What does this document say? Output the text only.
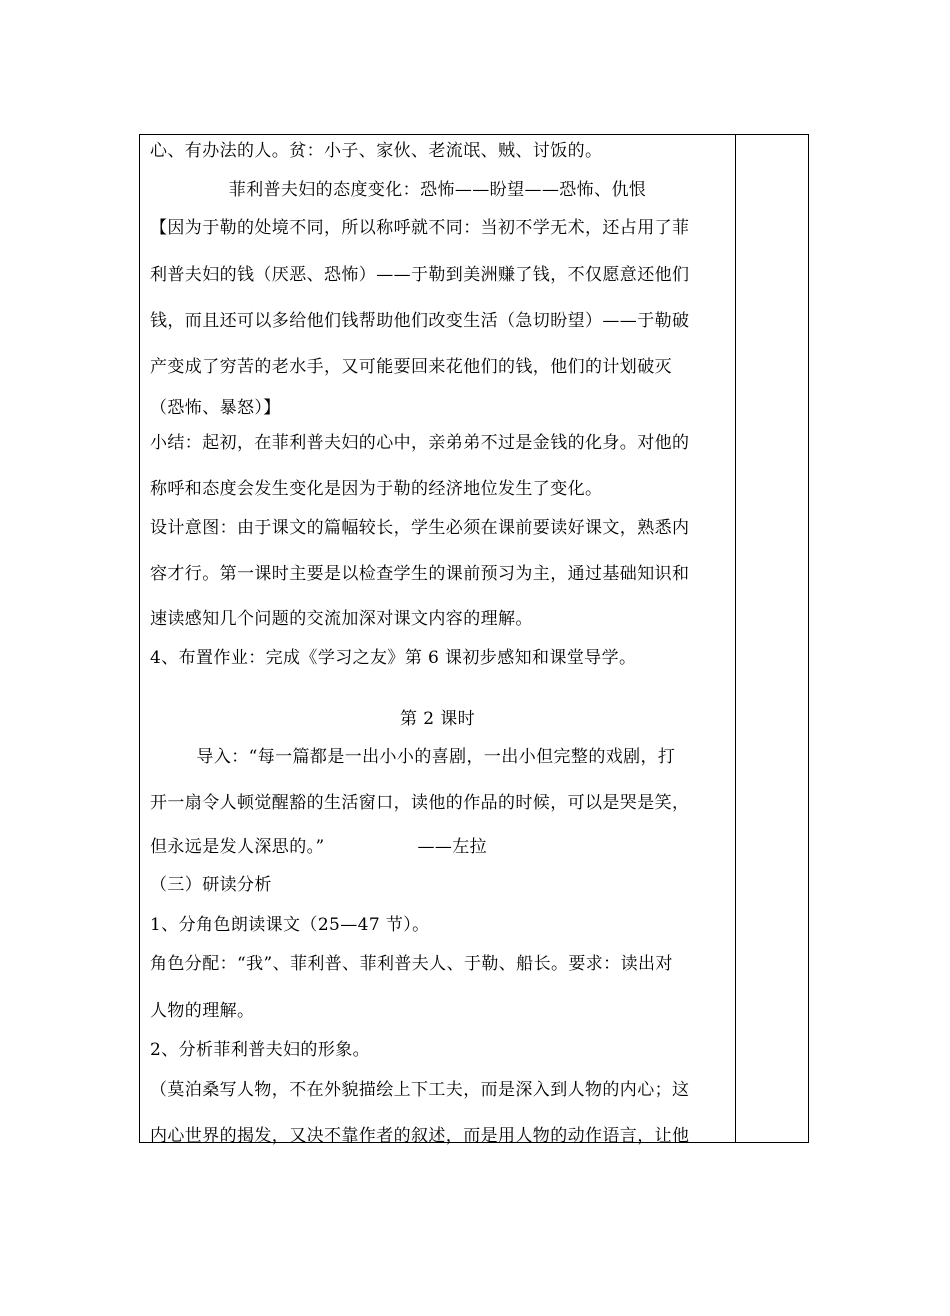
心、有办法的人。贫：小子、家伙、老流氓、贼、讨饭的。
菲利普夫妇的态度变化：恐怖——盼望——恐怖、仇恨
【因为于勒的处境不同，所以称呼就不同：当初不学无术，还占用了菲
利普夫妇的钱（厌恶、恐怖）——于勒到美洲赚了钱，不仅愿意还他们
钱，而且还可以多给他们钱帮助他们改变生活（急切盼望）——于勒破
产变成了穷苦的老水手，又可能要回来花他们的钱，他们的计划破灭
（恐怖、暴怒）】
小结：起初，在菲利普夫妇的心中，亲弟弟不过是金钱的化身。对他的
称呼和态度会发生变化是因为于勒的经济地位发生了变化。
设计意图：由于课文的篇幅较长，学生必须在课前要读好课文，熟悉内
容才行。第一课时主要是以检查学生的课前预习为主，通过基础知识和
速读感知几个问题的交流加深对课文内容的理解。
4、布置作业：完成《学习之友》第 6 课初步感知和课堂导学。
第 2 课时
导入：“每一篇都是一出小小的喜剧，一出小但完整的戏剧，打
开一扇令人顿觉醒豁的生活窗口，读他的作品的时候，可以是哭是笑，
但永远是发人深思的。”                ——左拉
（三）研读分析
1、分角色朗读课文（25—47 节）。
角色分配：“我”、菲利普、菲利普夫人、于勒、船长。要求：读出对
人物的理解。
2、分析菲利普夫妇的形象。
（莫泊桑写人物，不在外貌描绘上下工夫，而是深入到人物的内心；这
内心世界的揭发，又决不靠作者的叙述，而是用人物的动作语言，让他
